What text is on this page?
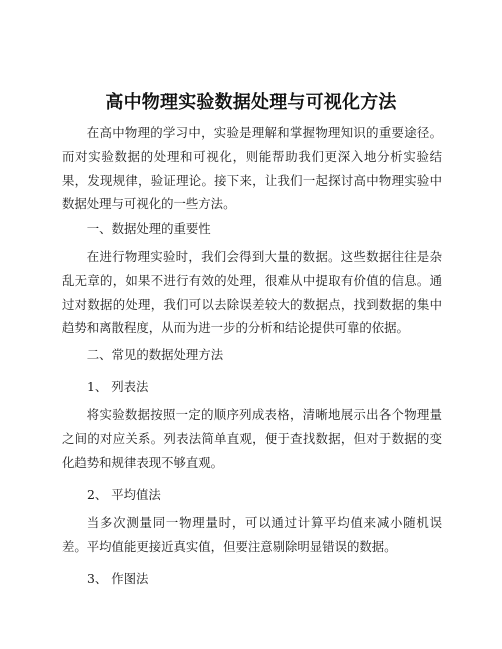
高中物理实验数据处理与可视化方法

在高中物理的学习中，实验是理解和掌握物理知识的重要途径。而对实验数据的处理和可视化，则能帮助我们更深入地分析实验结果，发现规律，验证理论。接下来，让我们一起探讨高中物理实验中数据处理与可视化的一些方法。

一、数据处理的重要性

在进行物理实验时，我们会得到大量的数据。这些数据往往是杂乱无章的，如果不进行有效的处理，很难从中提取有价值的信息。通过对数据的处理，我们可以去除误差较大的数据点，找到数据的集中趋势和离散程度，从而为进一步的分析和结论提供可靠的依据。

二、常见的数据处理方法

1、 列表法

将实验数据按照一定的顺序列成表格，清晰地展示出各个物理量之间的对应关系。列表法简单直观，便于查找数据，但对于数据的变化趋势和规律表现不够直观。

2、 平均值法

当多次测量同一物理量时，可以通过计算平均值来减小随机误差。平均值能更接近真实值，但要注意剔除明显错误的数据。

3、 作图法
